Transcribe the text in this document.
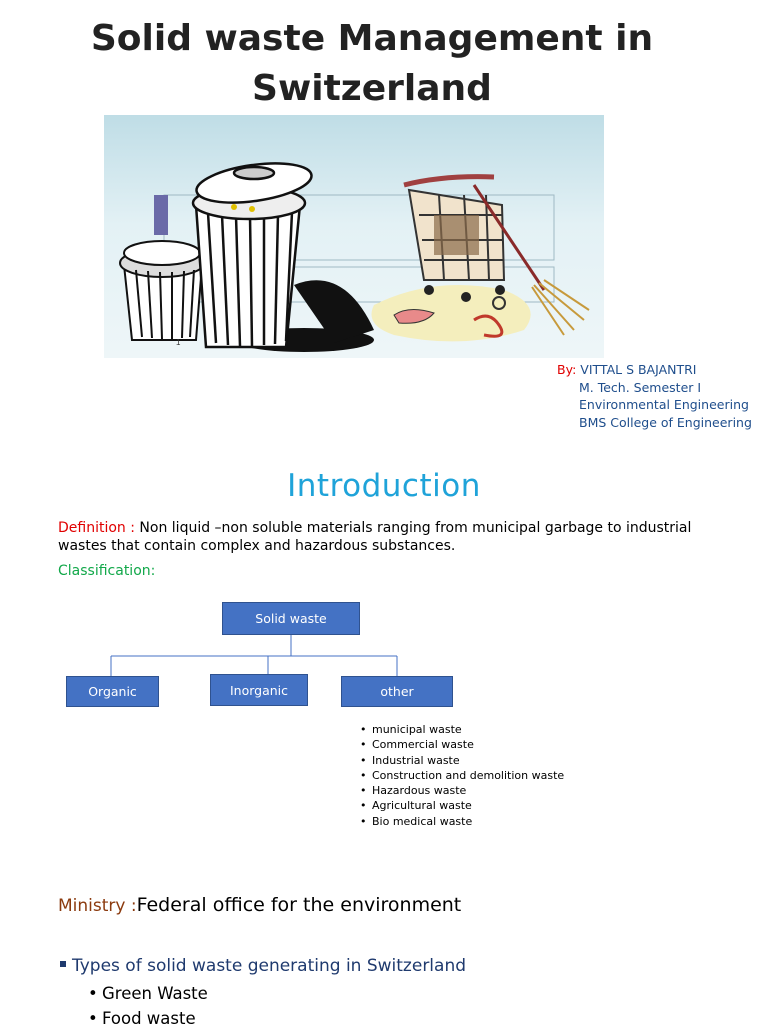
Solid waste Management in
Switzerland
1
By: VITTAL S BAJANTRI
M. Tech. Semester I
Environmental Engineering
BMS College of Engineering
Introduction
Definition : Non liquid –non soluble materials ranging from municipal garbage to industrial wastes that contain complex and hazardous substances.
Classification:
Solid waste
Organic	Inorganic	other
• municipal waste
• Commercial waste
• Industrial waste
• Construction and demolition waste
• Hazardous waste
• Agricultural waste
• Bio medical waste
Ministry :Federal office for the environment
Types of solid waste generating in Switzerland
• Green Waste
• Food waste
